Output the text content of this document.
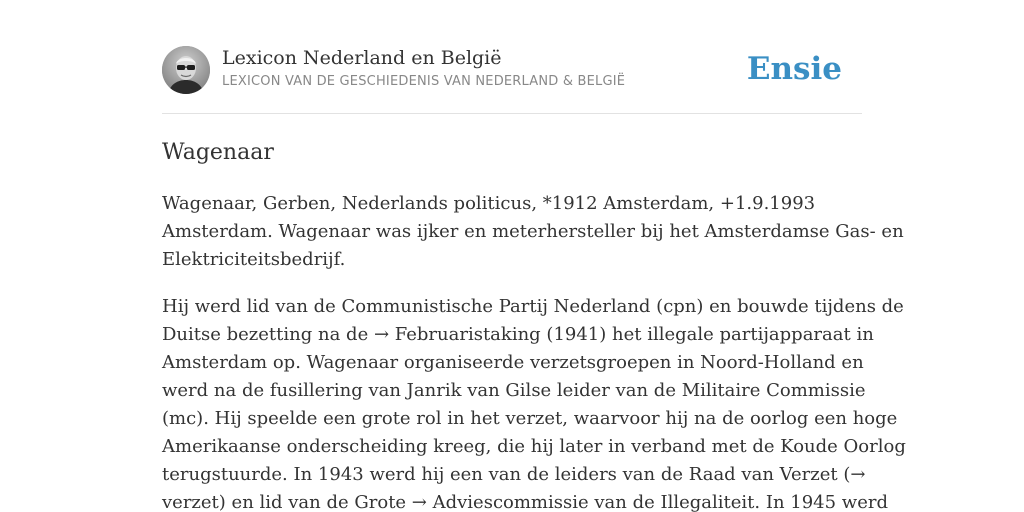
Lexicon Nederland en België
LEXICON VAN DE GESCHIEDENIS VAN NEDERLAND & BELGIË	Ensie
Wagenaar

Wagenaar, Gerben, Nederlands politicus, *1912 Amsterdam, +1.9.1993
Amsterdam. Wagenaar was ijker en meterhersteller bij het Amsterdamse Gas- en
Elektriciteitsbedrijf.

Hij werd lid van de Communistische Partij Nederland (cpn) en bouwde tijdens de
Duitse bezetting na de → Februaristaking (1941) het illegale partijapparaat in
Amsterdam op. Wagenaar organiseerde verzetsgroepen in Noord-Holland en
werd na de fusillering van Janrik van Gilse leider van de Militaire Commissie
(mc). Hij speelde een grote rol in het verzet, waarvoor hij na de oorlog een hoge
Amerikaanse onderscheiding kreeg, die hij later in verband met de Koude Oorlog
terugstuurde. In 1943 werd hij een van de leiders van de Raad van Verzet (→
verzet) en lid van de Grote → Adviescommissie van de Illegaliteit. In 1945 werd
